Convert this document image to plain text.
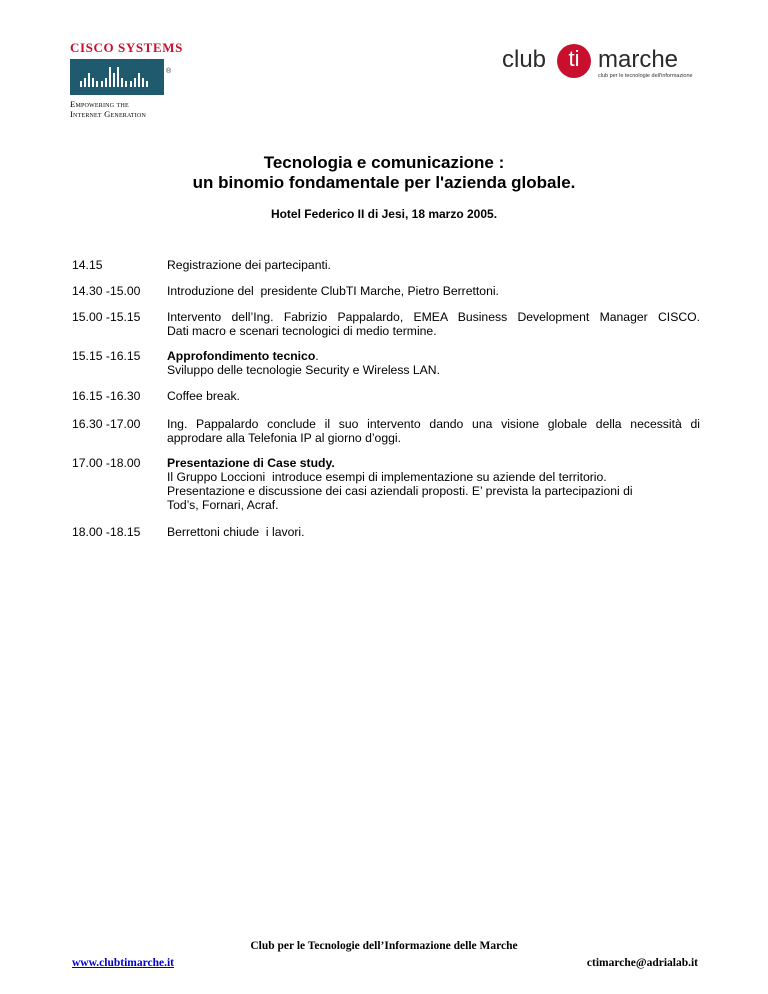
CISCO SYSTEMS
®
Empowering the
Internet Generation
club	ti marche
club per le tecnologie dell'informazione
Tecnologia e comunicazione :
un binomio fondamentale per l'azienda globale.
Hotel Federico II di Jesi, 18 marzo 2005.
14.15	Registrazione dei partecipanti.
14.30 -15.00	Introduzione del  presidente ClubTI Marche, Pietro Berrettoni.
15.00 -15.15	Intervento dell’Ing. Fabrizio Pappalardo, EMEA Business Development Manager CISCO.
Dati macro e scenari tecnologici di medio termine.
15.15 -16.15	Approfondimento tecnico.
Sviluppo delle tecnologie Security e Wireless LAN.
16.15 -16.30	Coffee break.
16.30 -17.00	Ing. Pappalardo conclude il suo intervento dando una visione globale della necessità di
approdare alla Telefonia IP al giorno d’oggi.
17.00 -18.00	Presentazione di Case study.
Il Gruppo Loccioni  introduce esempi di implementazione su aziende del territorio.
Presentazione e discussione dei casi aziendali proposti. E’ prevista la partecipazioni di
Tod’s, Fornari, Acraf.
18.00 -18.15	Berrettoni chiude  i lavori.
Club per le Tecnologie dell’Informazione delle Marche
www.clubtimarche.it	ctimarche@adrialab.it
